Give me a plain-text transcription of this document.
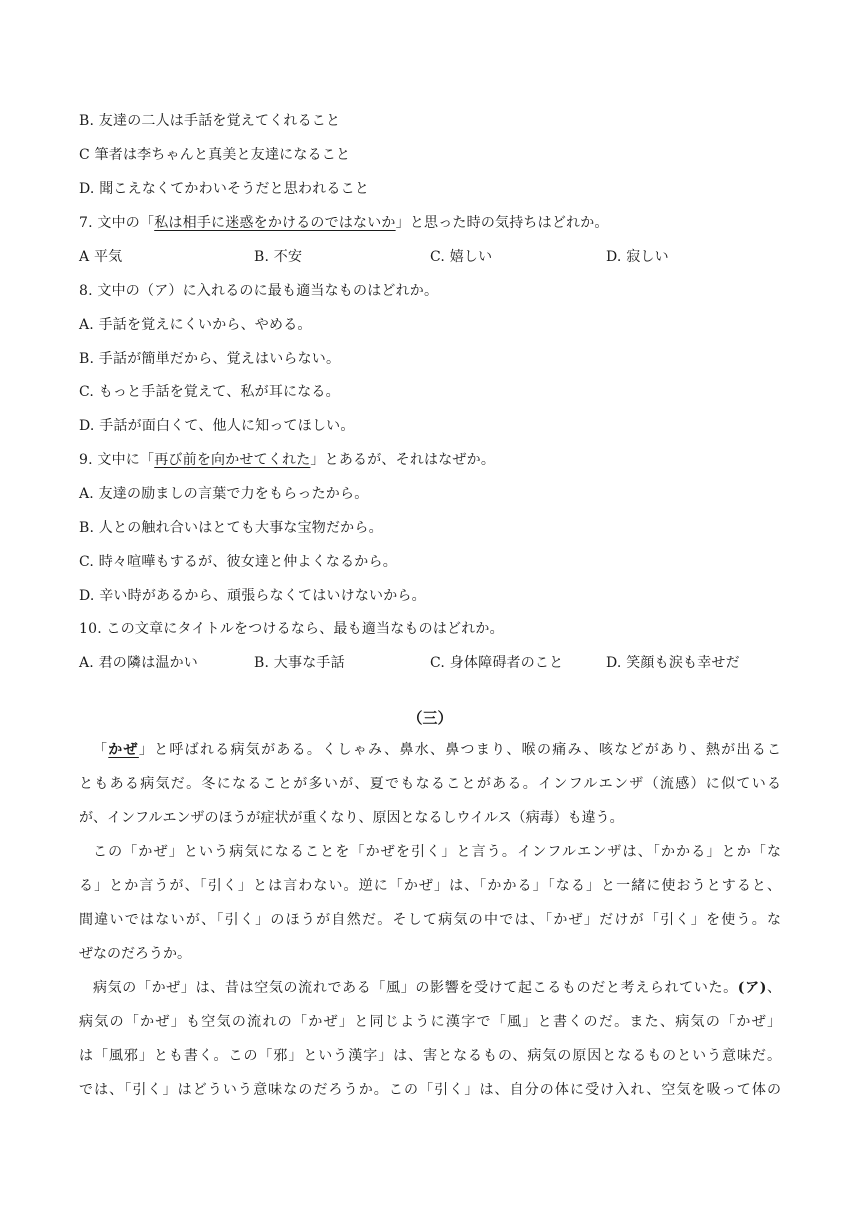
B. 友達の二人は手話を覚えてくれること
C 筆者は李ちゃんと真美と友達になること
D. 聞こえなくてかわいそうだと思われること
7. 文中の「私は相手に迷惑をかけるのではないか」と思った時の気持ちはどれか。
A 平気	B. 不安	C. 嬉しい	D. 寂しい
8. 文中の（ア）に入れるのに最も適当なものはどれか。
A. 手話を覚えにくいから、やめる。
B. 手話が簡単だから、覚えはいらない。
C. もっと手話を覚えて、私が耳になる。
D. 手話が面白くて、他人に知ってほしい。
9. 文中に「再び前を向かせてくれた」とあるが、それはなぜか。
A. 友達の励ましの言葉で力をもらったから。
B. 人との触れ合いはとても大事な宝物だから。
C. 時々喧嘩もするが、彼女達と仲よくなるから。
D. 辛い時があるから、頑張らなくてはいけないから。
10. この文章にタイトルをつけるなら、最も適当なものはどれか。
A. 君の隣は温かい	B. 大事な手話	C. 身体障碍者のこと	D. 笑顔も涙も幸せだ
（三）
「かぜ」と呼ばれる病気がある。くしゃみ、鼻水、鼻つまり、喉の痛み、咳などがあり、熱が出るこ
ともある病気だ。冬になることが多いが、夏でもなることがある。インフルエンザ（流感）に似ている
が、インフルエンザのほうが症状が重くなり、原因となるしウイルス（病毒）も違う。
この「かぜ」という病気になることを「かぜを引く」と言う。インフルエンザは、「かかる」とか「な
る」とか言うが、「引く」とは言わない。逆に「かぜ」は、「かかる」「なる」と一緒に使おうとすると、
間違いではないが、「引く」のほうが自然だ。そして病気の中では、「かぜ」だけが「引く」を使う。な
ぜなのだろうか。
病気の「かぜ」は、昔は空気の流れである「風」の影響を受けて起こるものだと考えられていた。(ア)、
病気の「かぜ」も空気の流れの「かぜ」と同じように漢字で「風」と書くのだ。また、病気の「かぜ」
は「風邪」とも書く。この「邪」という漢字」は、害となるもの、病気の原因となるものという意味だ。
では、「引く」はどういう意味なのだろうか。この「引く」は、自分の体に受け入れ、空気を吸って体の
